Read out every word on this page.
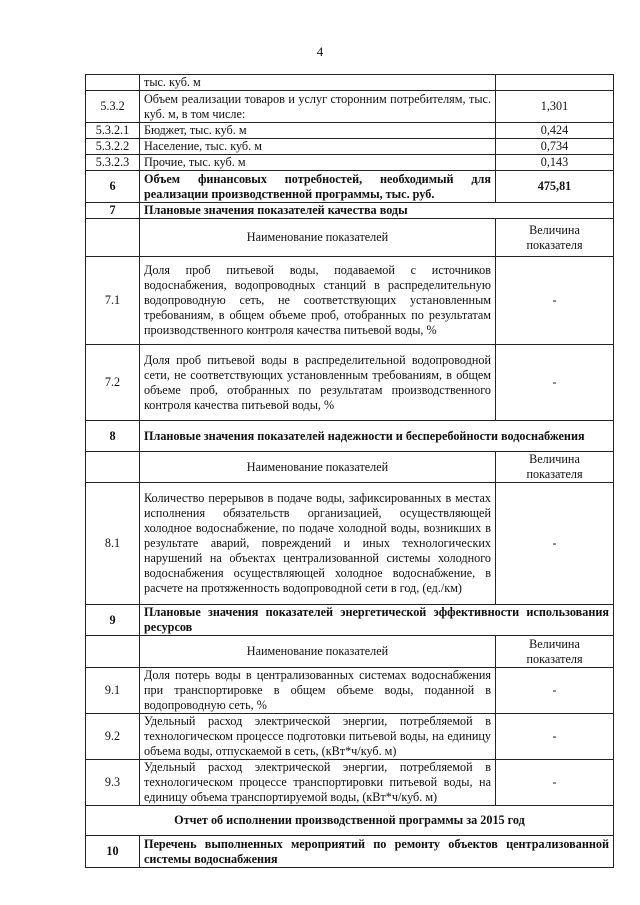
4
	тыс. куб. м	
5.3.2	Объем реализации товаров и услуг сторонним потребителям, тыс. куб. м, в том числе:	1,301
5.3.2.1	Бюджет, тыс. куб. м	0,424
5.3.2.2	Население, тыс. куб. м	0,734
5.3.2.3	Прочие, тыс. куб. м	0,143
6	Объем финансовых потребностей, необходимый для реализации производственной программы, тыс. руб.	475,81
7	Плановые значения показателей качества воды	
	Наименование показателей	Величина показателя
7.1	Доля проб питьевой воды, подаваемой с источников водоснабжения, водопроводных станций в распределительную водопроводную сеть, не соответствующих установленным требованиям, в общем объеме проб, отобранных по результатам производственного контроля качества питьевой воды, %	-
7.2	Доля проб питьевой воды в распределительной водопроводной сети, не соответствующих установленным требованиям, в общем объеме проб, отобранных по результатам производственного контроля качества питьевой воды, %	-
8	Плановые значения показателей надежности и бесперебойности водоснабжения	
	Наименование показателей	Величина показателя
8.1	Количество перерывов в подаче воды, зафиксированных в местах исполнения обязательств организацией, осуществляющей холодное водоснабжение, по подаче холодной воды, возникших в результате аварий, повреждений и иных технологических нарушений на объектах централизованной системы холодного водоснабжения осуществляющей холодное водоснабжение, в расчете на протяженность водопроводной сети в год, (ед./км)	-
9	Плановые значения показателей энергетической эффективности использования ресурсов	
	Наименование показателей	Величина показателя
9.1	Доля потерь воды в централизованных системах водоснабжения при транспортировке в общем объеме воды, поданной в водопроводную сеть, %	-
9.2	Удельный расход электрической энергии, потребляемой в технологическом процессе подготовки питьевой воды, на единицу объема воды, отпускаемой в сеть, (кВт*ч/куб. м)	-
9.3	Удельный расход электрической энергии, потребляемой в технологическом процессе транспортировки питьевой воды, на единицу объема транспортируемой воды, (кВт*ч/куб. м)	-
Отчет об исполнении производственной программы за 2015 год		
10	Перечень выполненных мероприятий по ремонту объектов централизованной системы водоснабжения	
